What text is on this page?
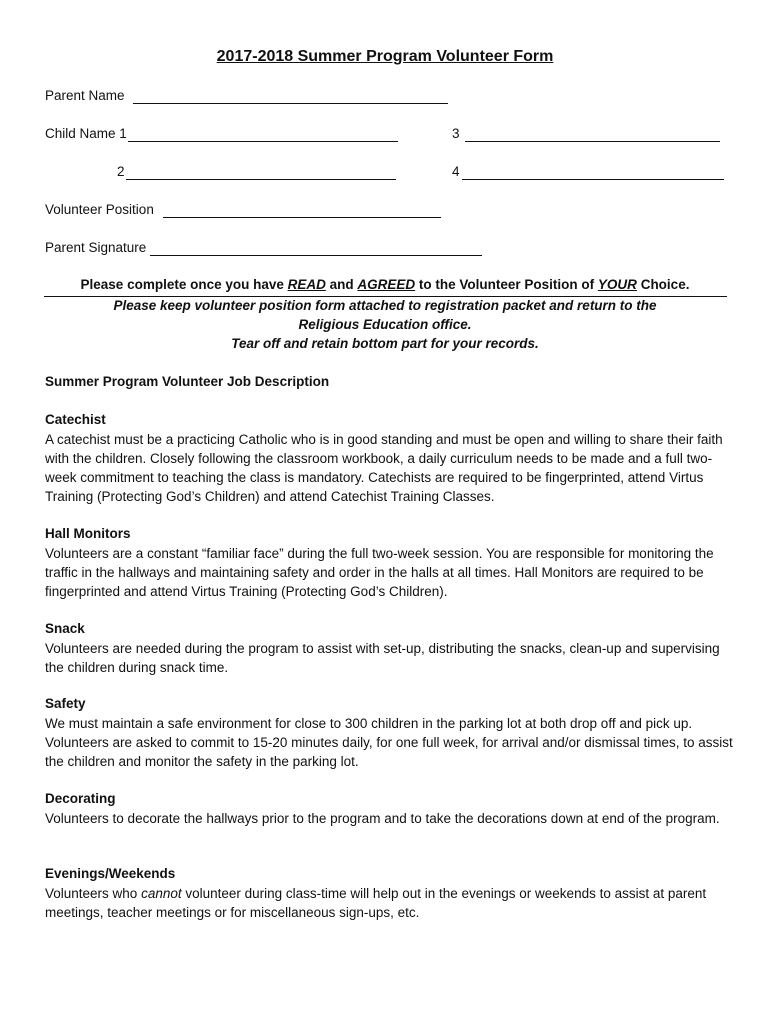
2017-2018 Summer Program Volunteer Form
Parent Name
Child Name 1	3
2	4
Volunteer Position
Parent Signature
Please complete once you have READ and AGREED to the Volunteer Position of YOUR Choice.
Please keep volunteer position form attached to registration packet and return to the
Religious Education office.
Tear off and retain bottom part for your records.
Summer Program Volunteer Job Description
Catechist
A catechist must be a practicing Catholic who is in good standing and must be open and willing to share their faith with the children. Closely following the classroom workbook, a daily curriculum needs to be made and a full two-week commitment to teaching the class is mandatory. Catechists are required to be fingerprinted, attend Virtus Training (Protecting God’s Children) and attend Catechist Training Classes.
Hall Monitors
Volunteers are a constant “familiar face” during the full two-week session. You are responsible for monitoring the traffic in the hallways and maintaining safety and order in the halls at all times. Hall Monitors are required to be fingerprinted and attend Virtus Training (Protecting God’s Children).
Snack
Volunteers are needed during the program to assist with set-up, distributing the snacks, clean-up and supervising the children during snack time.
Safety
We must maintain a safe environment for close to 300 children in the parking lot at both drop off and pick up. Volunteers are asked to commit to 15-20 minutes daily, for one full week, for arrival and/or dismissal times, to assist the children and monitor the safety in the parking lot.
Decorating
Volunteers to decorate the hallways prior to the program and to take the decorations down at end of the program.
Evenings/Weekends
Volunteers who cannot volunteer during class-time will help out in the evenings or weekends to assist at parent meetings, teacher meetings or for miscellaneous sign-ups, etc.
